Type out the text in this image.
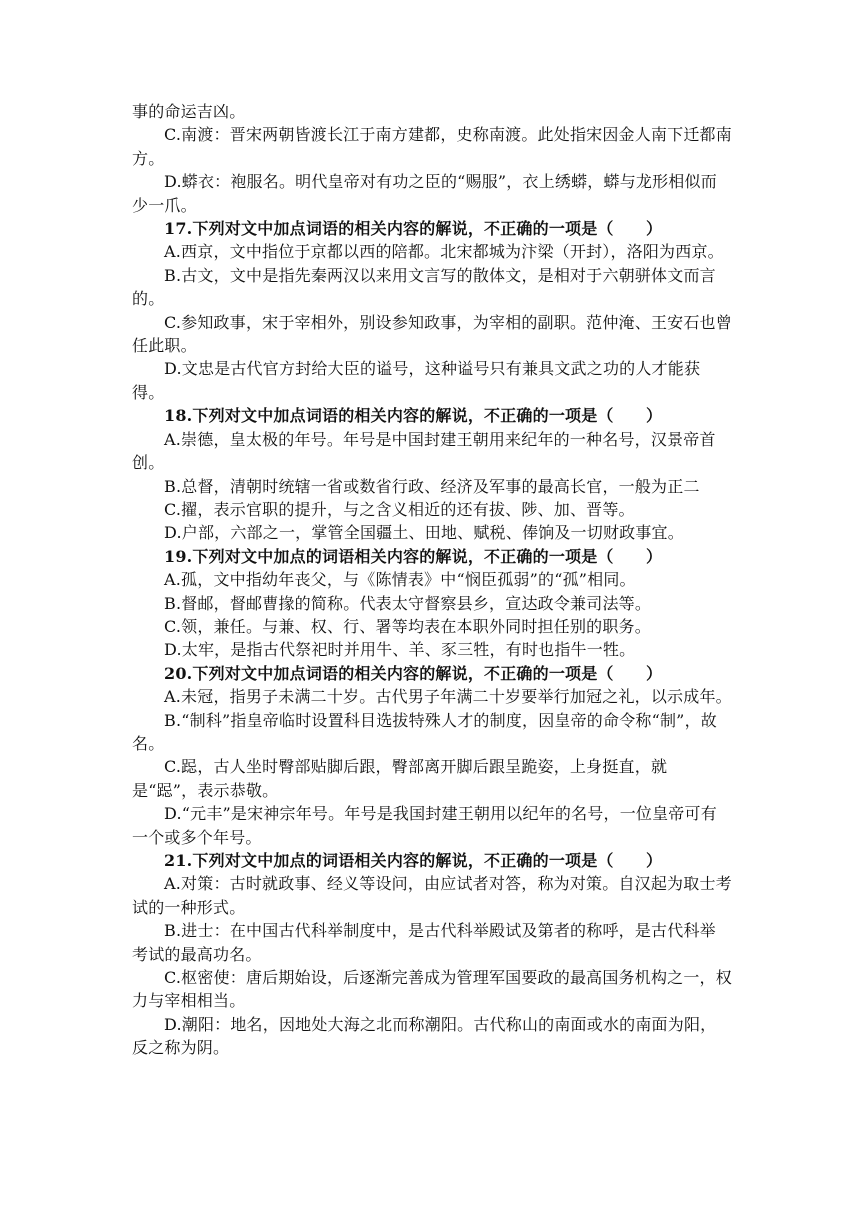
事的命运吉凶。

C.南渡：晋宋两朝皆渡长江于南方建都，史称南渡。此处指宋因金人南下迁都南方。

D.蟒衣：袍服名。明代皇帝对有功之臣的“赐服”，衣上绣蟒，蟒与龙形相似而少一爪。

17.下列对文中加点词语的相关内容的解说，不正确的一项是（　　）

A.西京，文中指位于京都以西的陪都。北宋都城为汴梁（开封），洛阳为西京。

B.古文，文中是指先秦两汉以来用文言写的散体文，是相对于六朝骈体文而言的。

C.参知政事，宋于宰相外，别设参知政事，为宰相的副职。范仲淹、王安石也曾任此职。

D.文忠是古代官方封给大臣的谥号，这种谥号只有兼具文武之功的人才能获得。

18.下列对文中加点词语的相关内容的解说，不正确的一项是（　　）

A.崇德，皇太极的年号。年号是中国封建王朝用来纪年的一种名号，汉景帝首创。

B.总督，清朝时统辖一省或数省行政、经济及军事的最高长官，一般为正二

C.擢，表示官职的提升，与之含义相近的还有拔、陟、加、晋等。

D.户部，六部之一，掌管全国疆土、田地、赋税、俸饷及一切财政事宜。

19.下列对文中加点的词语相关内容的解说，不正确的一项是（　　）

A.孤，文中指幼年丧父，与《陈情表》中“悯臣孤弱”的“孤”相同。

B.督邮，督邮曹掾的简称。代表太守督察县乡，宣达政令兼司法等。

C.领，兼任。与兼、权、行、署等均表在本职外同时担任别的职务。

D.太牢，是指古代祭祀时并用牛、羊、豕三牲，有时也指牛一牲。

20.下列对文中加点词语的相关内容的解说，不正确的一项是（　　）

A.未冠，指男子未满二十岁。古代男子年满二十岁要举行加冠之礼，以示成年。

B.“制科”指皇帝临时设置科目选拔特殊人才的制度，因皇帝的命令称“制”，故名。

C.跽，古人坐时臀部贴脚后跟，臀部离开脚后跟呈跪姿，上身挺直，就是“跽”，表示恭敬。

D.“元丰”是宋神宗年号。年号是我国封建王朝用以纪年的名号，一位皇帝可有一个或多个年号。

21.下列对文中加点的词语相关内容的解说，不正确的一项是（　　）

A.对策：古时就政事、经义等设问，由应试者对答，称为对策。自汉起为取士考试的一种形式。

B.进士：在中国古代科举制度中，是古代科举殿试及第者的称呼，是古代科举考试的最高功名。

C.枢密使：唐后期始设，后逐渐完善成为管理军国要政的最高国务机构之一，权力与宰相相当。

D.潮阳：地名，因地处大海之北而称潮阳。古代称山的南面或水的南面为阳，反之称为阴。
